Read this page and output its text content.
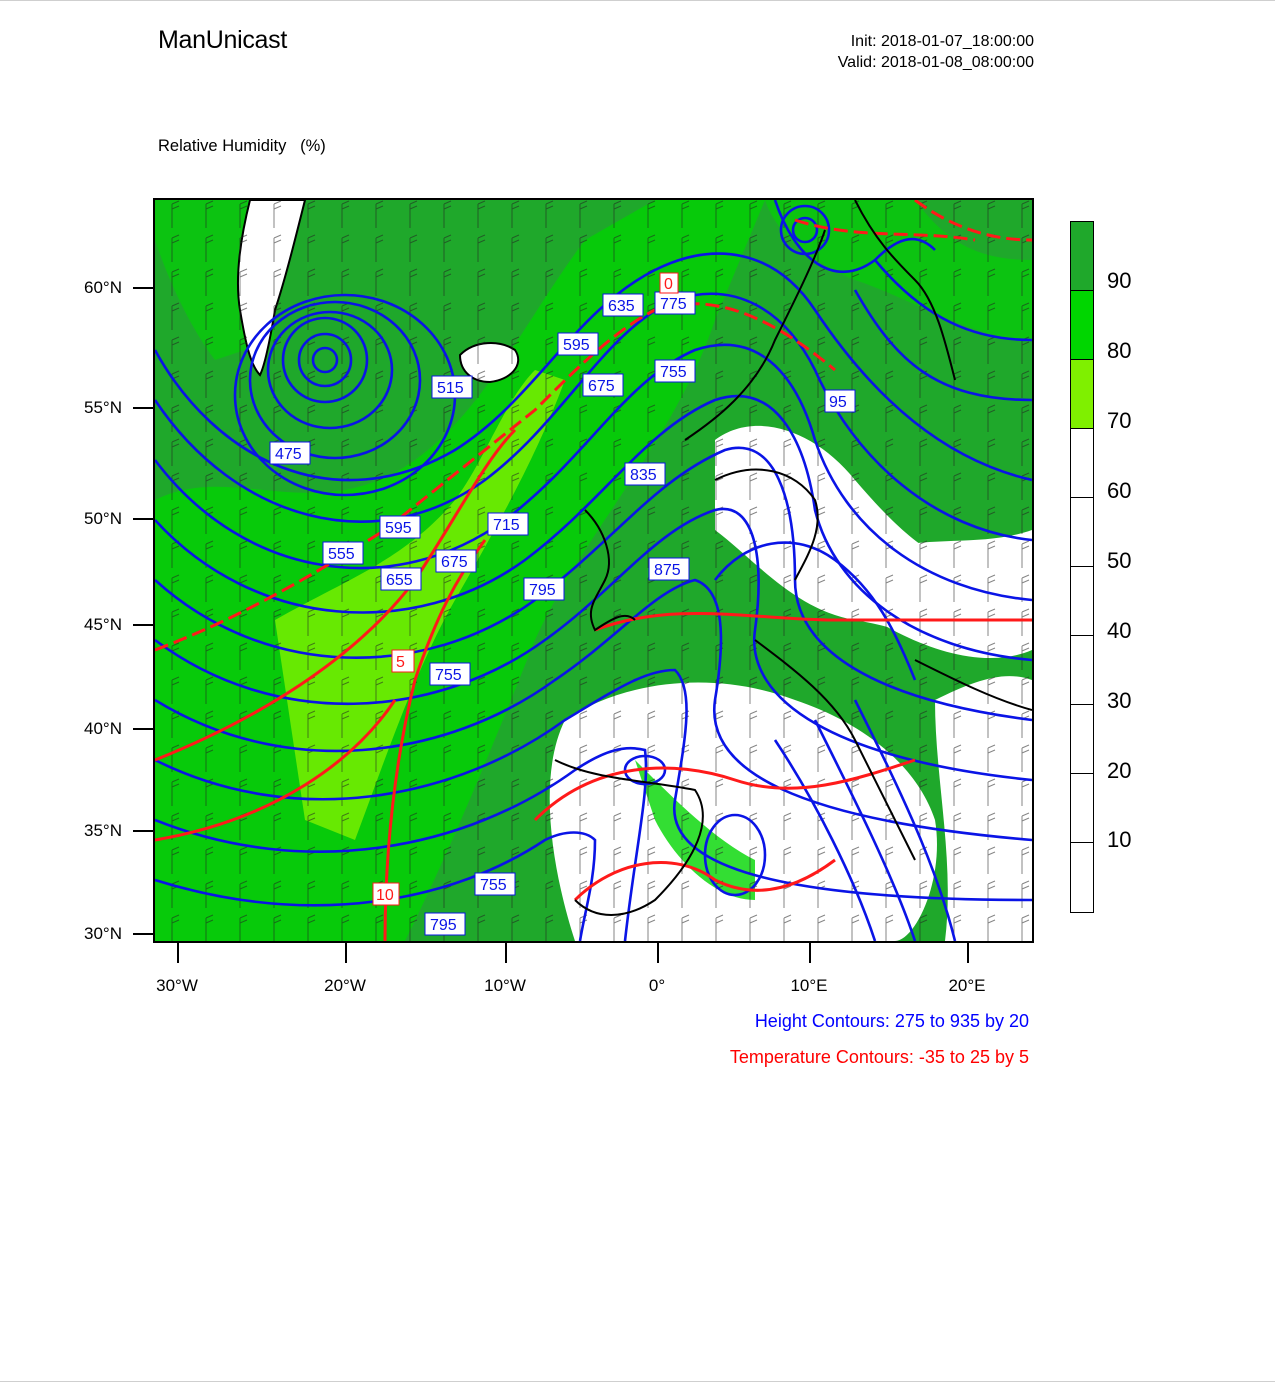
ManUnicast	Init: 2018-01-07_18:00:00
Valid: 2018-01-08_08:00:00

Relative Humidity   (%)

475
515
555
595
635
675
715
755
775
755
835
875
655
595
675
795
755
795
95
0
5
10
60°N
55°N
50°N
45°N
40°N
35°N
30°N
30°W	20°W	10°W	0°	10°E	20°E
Height Contours: 275 to 935 by 20
Temperature Contours: -35 to 25 by 5
90
80
70
60
50
40
30
20
10
